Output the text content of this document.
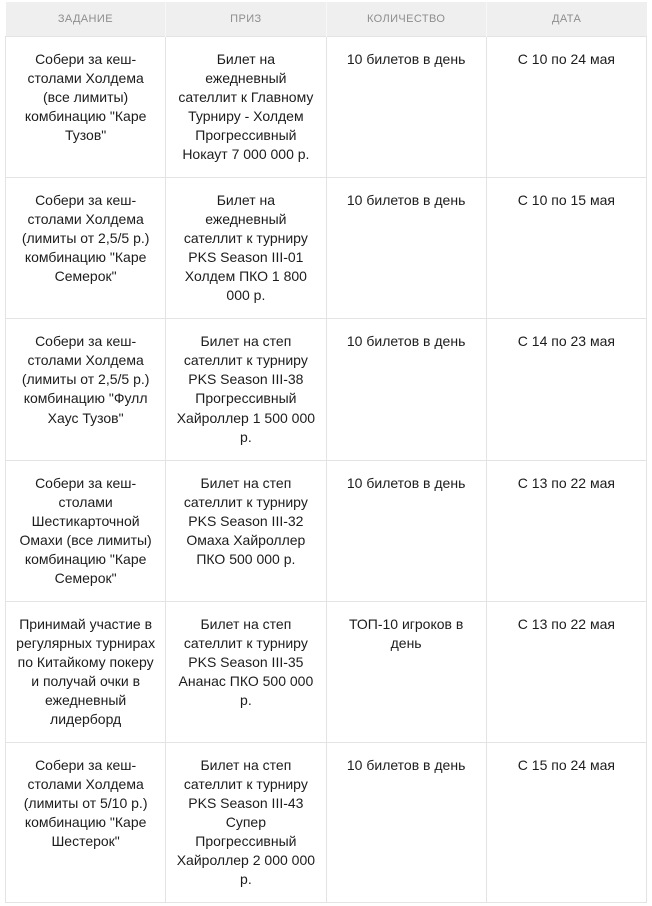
ЗАДАНИЕ	ПРИЗ	КОЛИЧЕСТВО	ДАТА
Собери за кеш-столами Холдема (все лимиты) комбинацию "Каре Тузов"	Билет на ежедневный сателлит к Главному Турниру - Холдем Прогрессивный Нокаут 7 000 000 р.	10 билетов в день	С 10 по 24 мая
Собери за кеш-столами Холдема (лимиты от 2,5/5 р.) комбинацию "Каре Семерок"	Билет на ежедневный сателлит к турниру PKS Season III-01 Холдем ПКО 1 800 000 р.	10 билетов в день	С 10 по 15 мая
Собери за кеш-столами Холдема (лимиты от 2,5/5 р.) комбинацию "Фулл Хаус Тузов"	Билет на степ сателлит к турниру PKS Season III-38 Прогрессивный Хайроллер 1 500 000 р.	10 билетов в день	С 14 по 23 мая
Собери за кеш-столами Шестикарточной Омахи (все лимиты) комбинацию "Каре Семерок"	Билет на степ сателлит к турниру PKS Season III-32 Омаха Хайроллер ПКО 500 000 р.	10 билетов в день	С 13 по 22 мая
Принимай участие в регулярных турнирах по Китайкому покеру и получай очки в ежедневный лидерборд	Билет на степ сателлит к турниру PKS Season III-35 Ананас ПКО 500 000 р.	ТОП-10 игроков в день	С 13 по 22 мая
Собери за кеш-столами Холдема (лимиты от 5/10 р.) комбинацию "Каре Шестерок"	Билет на степ сателлит к турниру PKS Season III-43 Супер Прогрессивный Хайроллер 2 000 000 р.	10 билетов в день	С 15 по 24 мая
